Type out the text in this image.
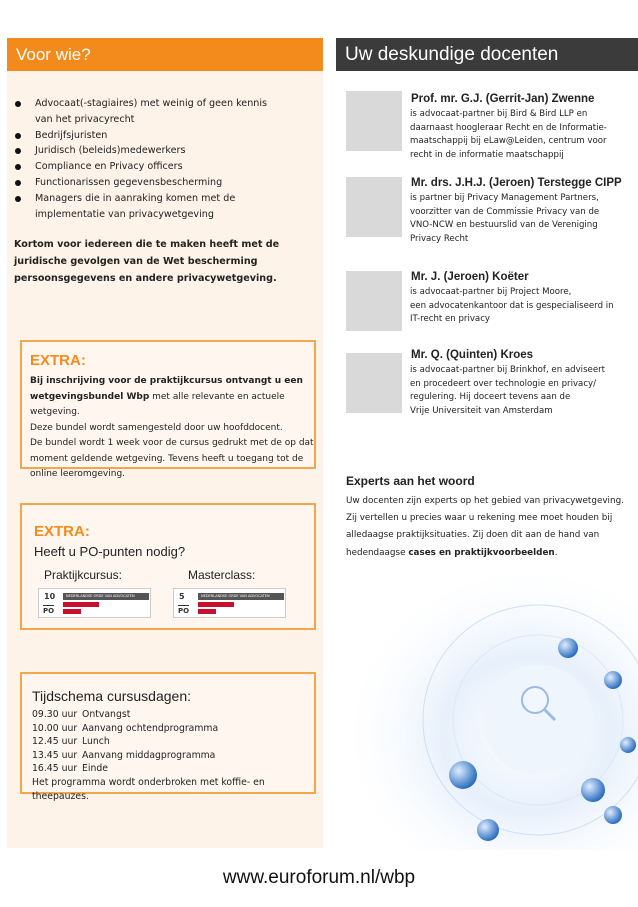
Voor wie?	Uw deskundige docenten
Advocaat(-stagiaires) met weinig of geen kennis
van het privacyrecht
Bedrijfsjuristen
Juridisch (beleids)medewerkers
Compliance en Privacy officers
Functionarissen gegevensbescherming
Managers die in aanraking komen met de
implementatie van privacywetgeving
Kortom voor iedereen die te maken heeft met de
juridische gevolgen van de Wet bescherming
persoonsgegevens en andere privacywetgeving.
EXTRA:
Bij inschrijving voor de praktijkcursus ontvangt u een
wetgevingsbundel Wbp met alle relevante en actuele wetgeving.
Deze bundel wordt samengesteld door uw hoofddocent.
De bundel wordt 1 week voor de cursus gedrukt met de op dat
moment geldende wetgeving. Tevens heeft u toegang tot de
online leeromgeving.
EXTRA:
Heeft u PO-punten nodig?
Praktijkcursus:	Masterclass:
10
PO
NEDERLANDSE ORDE VAN ADVOCATEN	5
PO
NEDERLANDSE ORDE VAN ADVOCATEN
Tijdschema cursusdagen:
09.30 uur Ontvangst
10.00 uur Aanvang ochtendprogramma
12.45 uur Lunch
13.45 uur Aanvang middagprogramma
16.45 uur Einde
Het programma wordt onderbroken met koffie- en theepauzes.
Prof. mr. G.J. (Gerrit-Jan) Zwenne
is advocaat-partner bij Bird & Bird LLP en
daarnaast hoogleraar Recht en de Informatie-
maatschappij bij eLaw@Leiden, centrum voor
recht in de informatie maatschappij
Mr. drs. J.H.J. (Jeroen) Terstegge CIPP
is partner bij Privacy Management Partners,
voorzitter van de Commissie Privacy van de
VNO-NCW en bestuurslid van de Vereniging
Privacy Recht
Mr. J. (Jeroen) Koëter
is advocaat-partner bij Project Moore,
een advocatenkantoor dat is gespecialiseerd in
IT-recht en privacy
Mr. Q. (Quinten) Kroes
is advocaat-partner bij Brinkhof, en adviseert
en procedeert over technologie en privacy/
regulering. Hij doceert tevens aan de
Vrije Universiteit van Amsterdam
Experts aan het woord
Uw docenten zijn experts op het gebied van privacywetgeving.
Zij vertellen u precies waar u rekening mee moet houden bij
alledaagse praktijksituaties. Zij doen dit aan de hand van
hedendaagse cases en praktijkvoorbeelden.
www.euroforum.nl/wbp
